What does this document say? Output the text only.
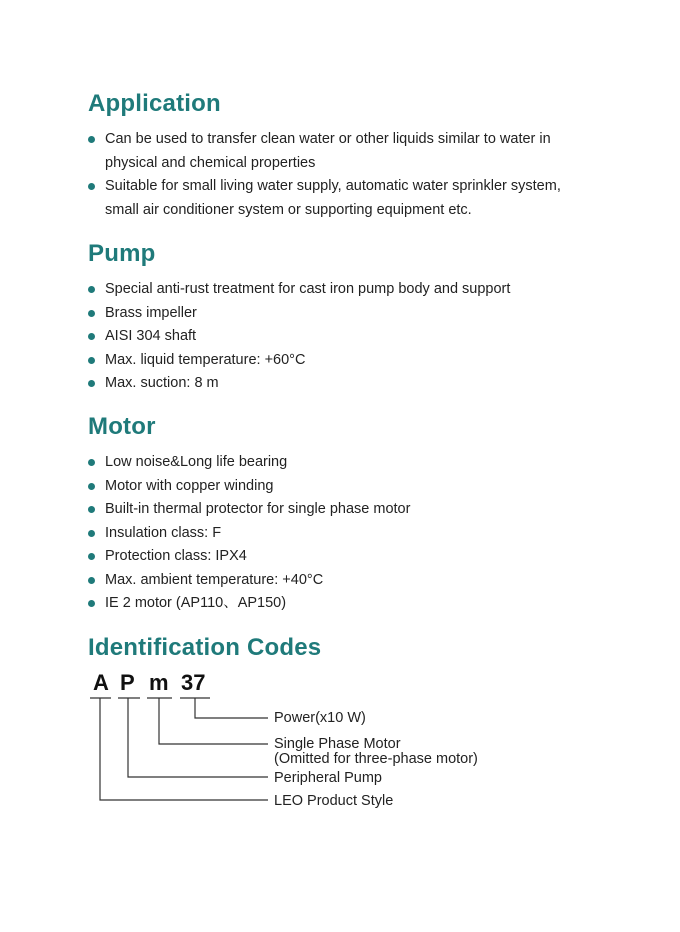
Application
Can be used to transfer clean water or other liquids similar to water in
physical and chemical properties
Suitable for small living water supply, automatic water sprinkler system,
small air conditioner system or supporting equipment etc.
Pump
Special anti-rust treatment for cast iron pump body and support
Brass impeller
AISI 304 shaft
Max. liquid temperature: +60°C
Max. suction: 8 m
Motor
Low noise&Long life bearing
Motor with copper winding
Built-in thermal protector for single phase motor
Insulation class: F
Protection class: IPX4
Max. ambient temperature: +40°C
IE 2 motor (AP110、AP150)
Identification Codes
A P m 37
Power(x10 W)
Single Phase Motor
(Omitted for three-phase motor)
Peripheral Pump
LEO Product Style
